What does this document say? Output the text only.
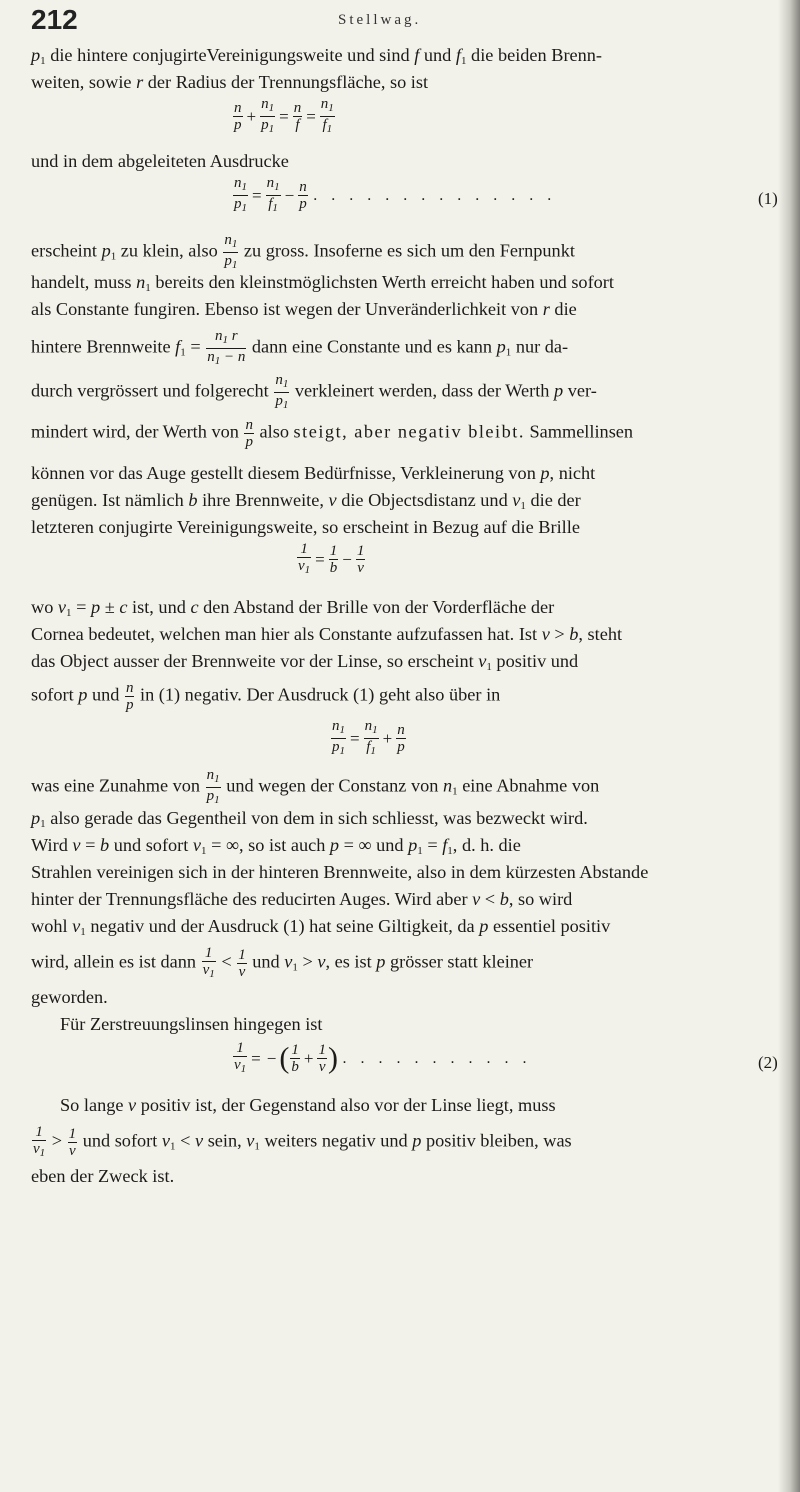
212	Stellwag.
$p_1$ die hintere conjugirteVereinigungsweite und sind f und $f_1$ die beiden Brenn-
weiten, sowie r der Radius der Trennungsfläche, so ist
$\frac{n}{p} + \frac{n_1}{p_1} = \frac{n}{f} = \frac{n_1}{f_1}$
und in dem abgeleiteten Ausdrucke
$\frac{n_1}{p_1} = \frac{n_1}{f_1} - \frac{n}{p}$ . . . . . . . . . . . . . .	(1)
erscheint $p_1$ zu klein, also $\frac{n_1}{p_1}$ zu gross. Insoferne es sich um den Fernpunkt
handelt, muss $n_1$ bereits den kleinstmöglichsten Werth erreicht haben und sofort
als Constante fungiren. Ebenso ist wegen der Unveränderlichkeit von r die
hintere Brennweite $f_1 = \frac{n_1 r}{n_1 - n}$ dann eine Constante und es kann $p_1$ nur da-
durch vergrössert und folgerecht $\frac{n_1}{p_1}$ verkleinert werden, dass der Werth p ver-
mindert wird, der Werth von $\frac{n}{p}$ also steigt, aber negativ bleibt. Sammellinsen
können vor das Auge gestellt diesem Bedürfnisse, Verkleinerung von p, nicht
genügen. Ist nämlich b ihre Brennweite, v die Objectsdistanz und $v_1$ die der
letzteren conjugirte Vereinigungsweite, so erscheint in Bezug auf die Brille
$\frac{1}{v_1} = \frac{1}{b} - \frac{1}{v}$
wo $v_1 = p \pm c$ ist, und c den Abstand der Brille von der Vorderfläche der
Cornea bedeutet, welchen man hier als Constante aufzufassen hat. Ist v > b, steht
das Object ausser der Brennweite vor der Linse, so erscheint $v_1$ positiv und
sofort p und $\frac{n}{p}$ in (1) negativ. Der Ausdruck (1) geht also über in
$\frac{n_1}{p_1} = \frac{n_1}{f_1} + \frac{n}{p}$
was eine Zunahme von $\frac{n_1}{p_1}$ und wegen der Constanz von $n_1$ eine Abnahme von
$p_1$ also gerade das Gegentheil von dem in sich schliesst, was bezweckt wird.
Wird v = b und sofort $v_1$ = ∞, so ist auch p = ∞ und $p_1 = f_1$, d. h. die
Strahlen vereinigen sich in der hinteren Brennweite, also in dem kürzesten Abstande
hinter der Trennungsfläche des reducirten Auges. Wird aber v < b, so wird
wohl $v_1$ negativ und der Ausdruck (1) hat seine Giltigkeit, da p essentiel positiv
wird, allein es ist dann $\frac{1}{v_1} < \frac{1}{v}$ und $v_1 > v$, es ist p grösser statt kleiner
geworden.
Für Zerstreuungslinsen hingegen ist
$\frac{1}{v_1}$ = − ( $\frac{1}{b} + \frac{1}{v}$ ) . . . . . . . . . . .	(2)
So lange v positiv ist, der Gegenstand also vor der Linse liegt, muss
$\frac{1}{v_1} > \frac{1}{v}$ und sofort $v_1 < v$ sein, $v_1$ weiters negativ und p positiv bleiben, was
eben der Zweck ist.
